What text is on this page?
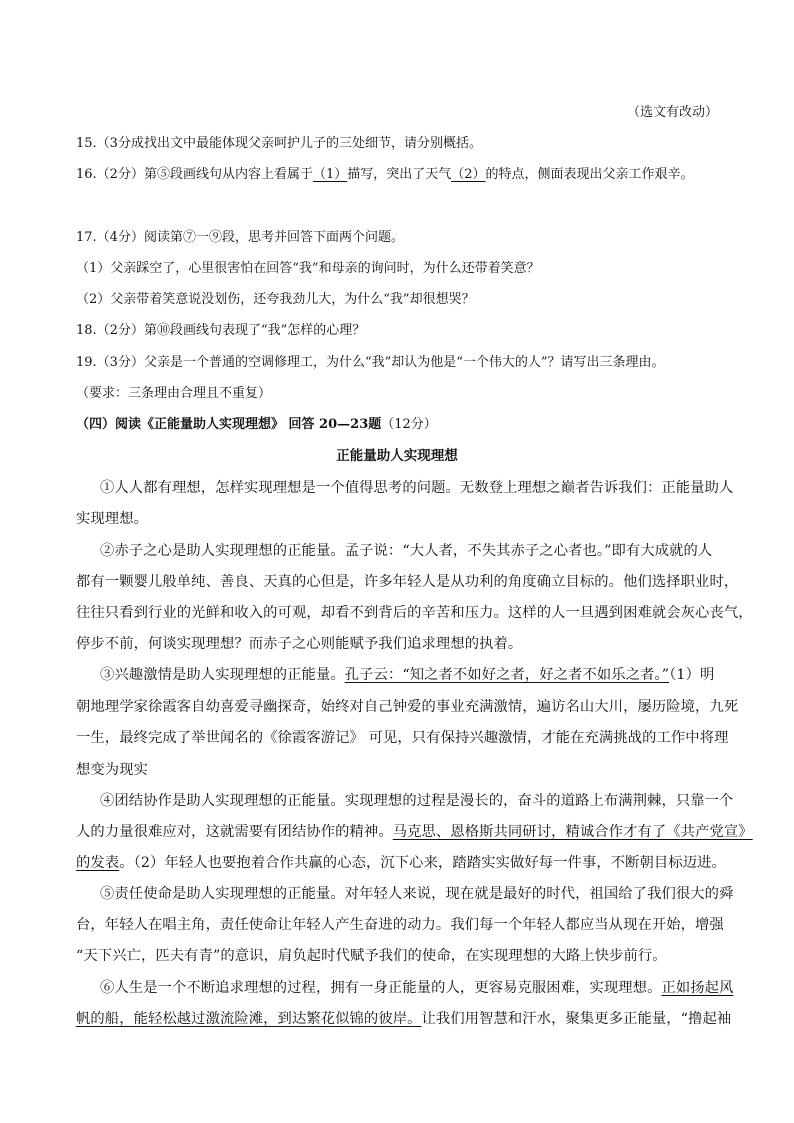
（选文有改动）
15.（3分成找出文中最能体现父亲呵护儿子的三处细节，请分别概括。
16.（2分）第⑤段画线句从内容上看属于（1）描写，突出了天气（2）的特点，侧面表现出父亲工作艰辛。
17.（4分）阅读第⑦一⑨段，思考并回答下面两个问题。
（1）父亲踩空了，心里很害怕在回答“我”和母亲的询问时，为什么还带着笑意？
（2）父亲带着笑意说没划伤，还夸我劲儿大，为什么“我”却很想哭？
18.（2分）第⑩段画线句表现了“我”怎样的心理？
19.（3分）父亲是一个普通的空调修理工，为什么“我”却认为他是“一个伟大的人”？请写出三条理由。
（要求：三条理由合理且不重复）
（四）阅读《正能量助人实现理想》 回答 20—23题（12分）
正能量助人实现理想
①人人都有理想，怎样实现理想是一个值得思考的问题。无数登上理想之巅者告诉我们：正能量助人
实现理想。
②赤子之心是助人实现理想的正能量。孟子说：“大人者，不失其赤子之心者也。”即有大成就的人
都有一颗婴儿般单纯、善良、天真的心但是，许多年轻人是从功利的角度确立目标的。他们选择职业时，
往往只看到行业的光鲜和收入的可观，却看不到背后的辛苦和压力。这样的人一旦遇到困难就会灰心丧气，
停步不前，何谈实现理想？而赤子之心则能赋予我们追求理想的执着。
③兴趣激情是助人实现理想的正能量。孔子云：“知之者不如好之者，好之者不如乐之者。”（1）明
朝地理学家徐霞客自幼喜爱寻幽探奇，始终对自己钟爱的事业充满激情，遍访名山大川，屡历险境，九死
一生，最终完成了举世闻名的《徐霞客游记》 可见，只有保持兴趣激情，才能在充满挑战的工作中将理
想变为现实
④团结协作是助人实现理想的正能量。实现理想的过程是漫长的，奋斗的道路上布满荆棘，只靠一个
人的力量很难应对，这就需要有团结协作的精神。马克思、恩格斯共同研讨，精诚合作才有了《共产党宣》
的发表。（2）年轻人也要抱着合作共赢的心态，沉下心来，踏踏实实做好每一件事，不断朝目标迈进。
⑤责任使命是助人实现理想的正能量。对年轻人来说，现在就是最好的时代，祖国给了我们很大的舜
台，年轻人在唱主角，责任使命让年轻人产生奋进的动力。我们每一个年轻人都应当从现在开始，增强
“天下兴亡，匹夫有青”的意识，肩负起时代赋予我们的使命，在实现理想的大路上快步前行。
⑥人生是一个不断追求理想的过程，拥有一身正能量的人，更容易克服困难，实现理想。正如扬起风
帆的船，能轻松越过激流险滩，到达繁花似锦的彼岸。让我们用智慧和汗水，聚集更多正能量，“撸起袖
